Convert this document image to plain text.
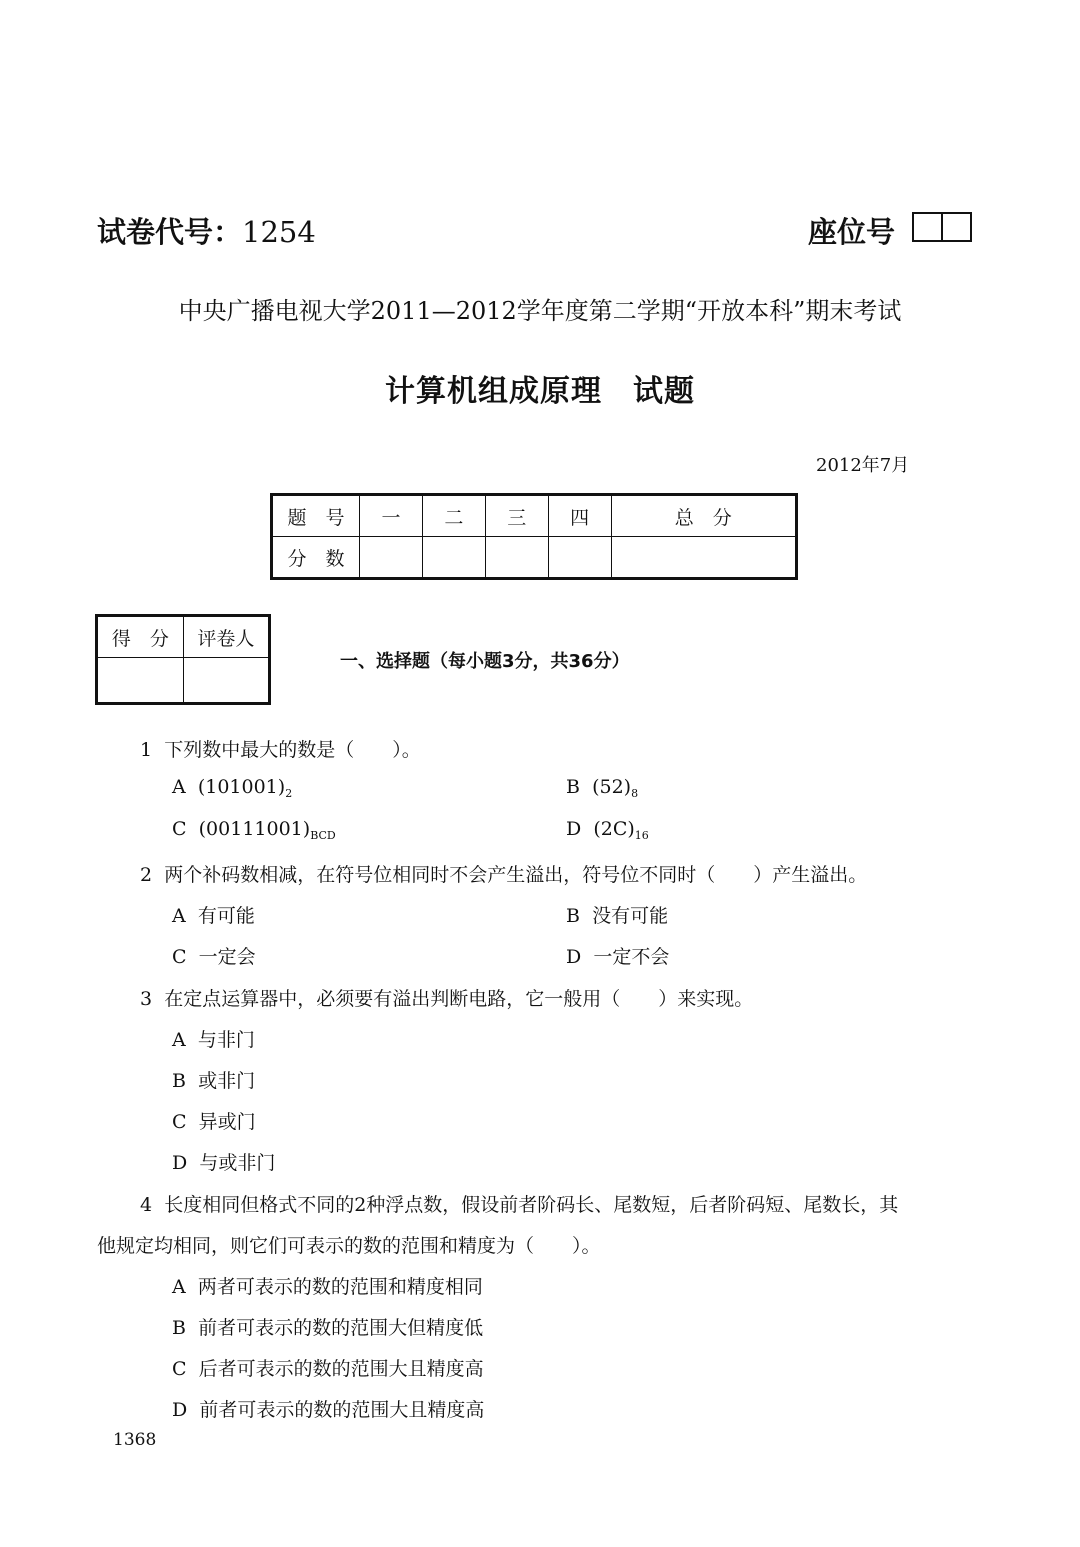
试卷代号：1254	座位号
中央广播电视大学2011—2012学年度第二学期“开放本科”期末考试
计算机组成原理　试题
2012年7月
题　号	一	二	三	四	总　分
分　数					
得　分	评卷人

一、选择题（每小题3分，共36分）
1 下列数中最大的数是（　　）。
A $(101001)_2$	B $(52)_8$
C $(00111001)_{BCD}$	D $(2C)_{16}$
2 两个补码数相减，在符号位相同时不会产生溢出，符号位不同时（　　）产生溢出。
A 有可能	B 没有可能
C 一定会	D 一定不会
3 在定点运算器中，必须要有溢出判断电路，它一般用（　　）来实现。
A 与非门
B 或非门
C 异或门
D 与或非门
4 长度相同但格式不同的2种浮点数，假设前者阶码长、尾数短，后者阶码短、尾数长，其
他规定均相同，则它们可表示的数的范围和精度为（　　）。
A 两者可表示的数的范围和精度相同
B 前者可表示的数的范围大但精度低
C 后者可表示的数的范围大且精度高
D 前者可表示的数的范围大且精度高
1368
